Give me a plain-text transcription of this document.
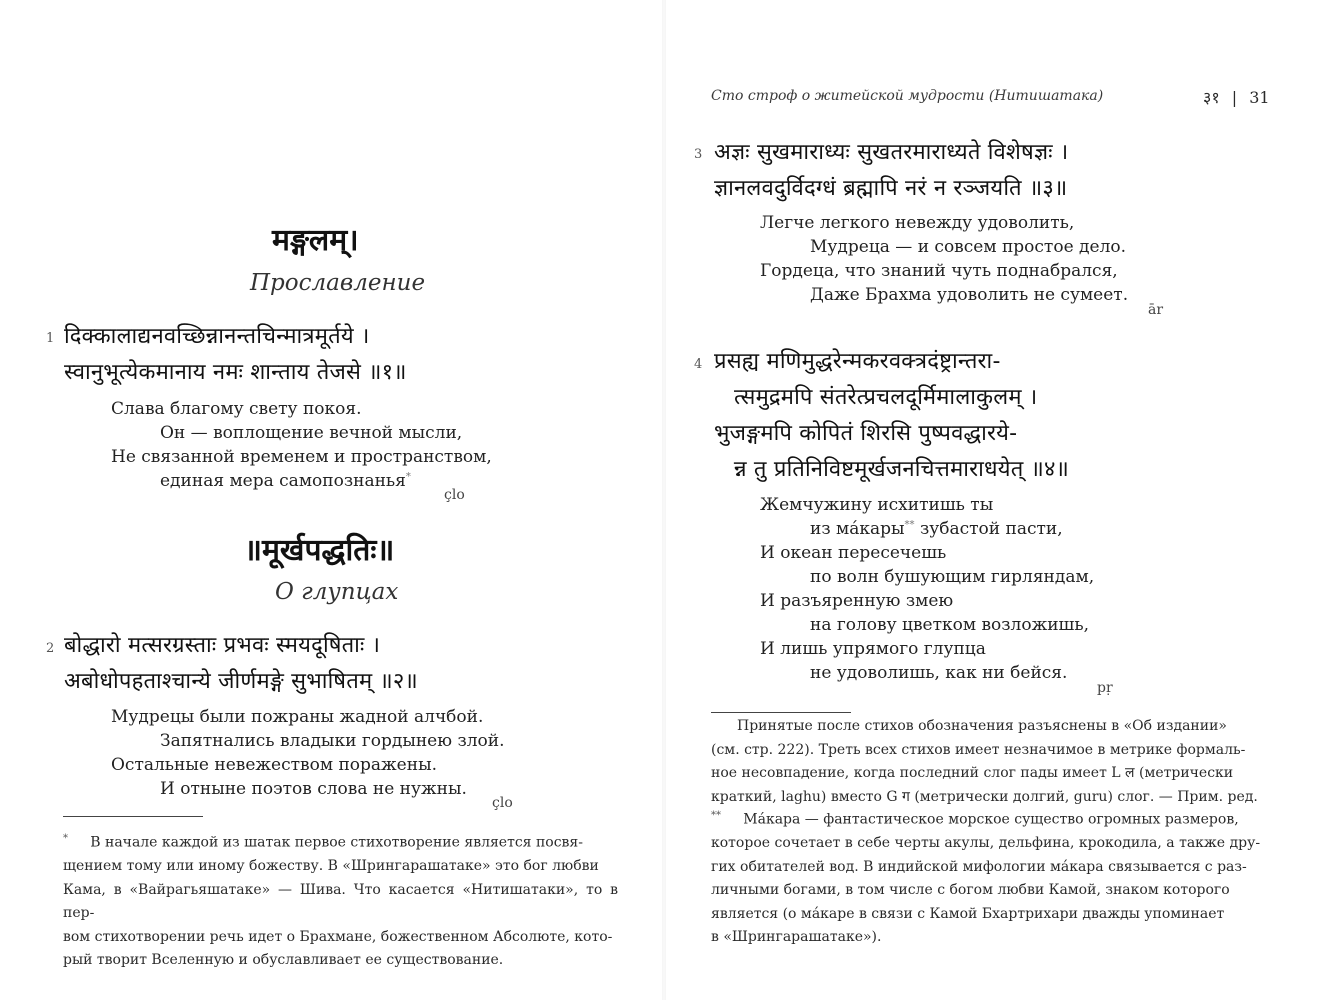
मङ्गलम्।
Прославление
1 दिक्कालाद्यनवच्छिन्नानन्तचिन्मात्रमूर्तये ।
स्वानुभूत्येकमानाय नमः शान्ताय तेजसे ॥१॥
Слава благому свету покоя.
Он — воплощение вечной мысли,
Не связанной временем и пространством,
единая мера самопознанья*
çlo
॥मूर्खपद्धतिः॥
О глупцах
2 बोद्धारो मत्सरग्रस्ताः प्रभवः स्मयदूषिताः ।
अबोधोपहताश्चान्ये जीर्णमङ्गे सुभाषितम् ॥२॥
Мудрецы были пожраны жадной алчбой.
Запятнались владыки гордынею злой.
Остальные невежеством поражены.
И отныне поэтов слова не нужны.
çlo

* В начале каждой из шатак первое стихотворение является посвя-

щением тому или иному божеству. В «Шрингарашатаке» это бог любви

Кама, в «Вайрагьяшатаке» — Шива. Что касается «Нитишатаки», то в пер-

вом стихотворении речь идет о Брахмане, божественном Абсолюте, кото-

рый творит Вселенную и обуславливает ее существование.

Сто строф о житейской мудрости (Нитишатака)	३१ | 31
3 अज्ञः सुखमाराध्यः सुखतरमाराध्यते विशेषज्ञः ।
ज्ञानलवदुर्विदग्धं ब्रह्मापि नरं न रञ्जयति ॥३॥
Легче легкого невежду удоволить,
Мудреца — и совсем простое дело.
Гордеца, что знаний чуть поднабрался,
Даже Брахма удоволить не сумеет.
ār
4 प्रसह्य मणिमुद्धरेन्मकरवक्त्रदंष्ट्रान्तरा-
त्समुद्रमपि संतरेत्प्रचलदूर्मिमालाकुलम् ।
भुजङ्गमपि कोपितं शिरसि पुष्पवद्धारये-
न्न तु प्रतिनिविष्टमूर्खजनचित्तमाराधयेत् ॥४॥
Жемчужину исхитишь ты
из мáкары** зубастой пасти,
И океан пересечешь
по волн бушующим гирляндам,
И разъяренную змею
на голову цветком возложишь,
И лишь упрямого глупца
не удоволишь, как ни бейся.
pṛ

Принятые после стихов обозначения разъяснены в «Об издании»

(см. стр. 222). Треть всех стихов имеет незначимое в метрике формаль-

ное несовпадение, когда последний слог пады имеет L ल (метрически

краткий, laghu) вместо G ग (метрически долгий, guru) слог. — Прим. ред.

** Мáкара — фантастическое морское существо огромных размеров,

которое сочетает в себе черты акулы, дельфина, крокодила, а также дру-

гих обитателей вод. В индийской мифологии мáкара связывается с раз-

личными богами, в том числе с богом любви Камой, знаком которого

является (о мáкаре в связи с Камой Бхартрихари дважды упоминает

в «Шрингарашатаке»).
